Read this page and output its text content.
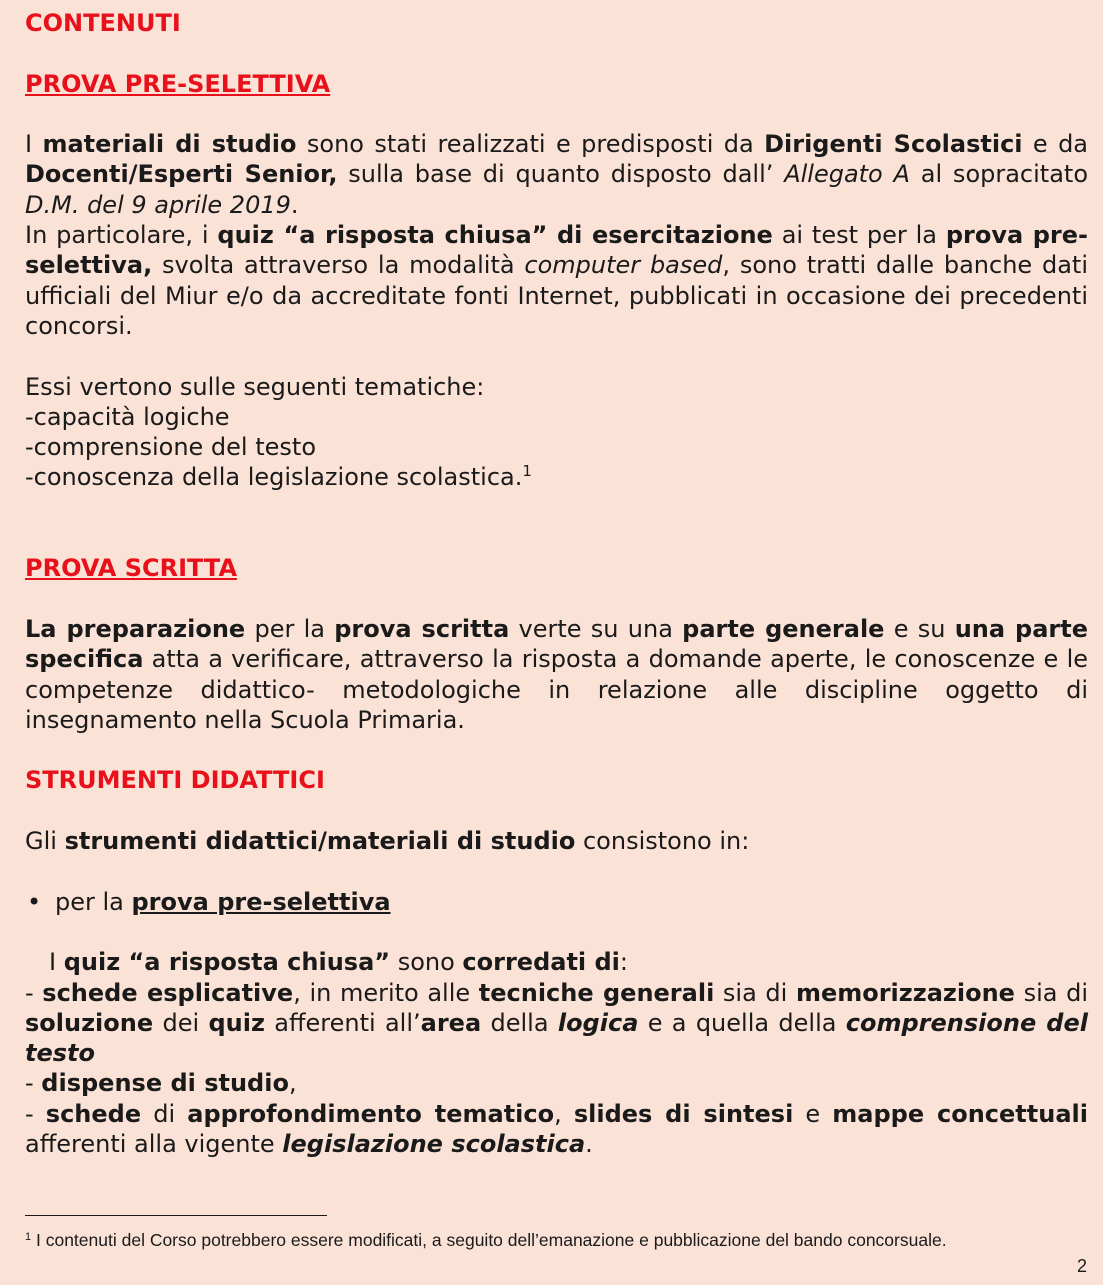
CONTENUTI

PROVA PRE-SELETTIVA

I materiali di studio sono stati realizzati e predisposti da Dirigenti Scolastici e da Docenti/Esperti Senior, sulla base di quanto disposto dall’ Allegato A al sopracitato D.M. del 9 aprile 2019.

In particolare, i quiz “a risposta chiusa” di esercitazione ai test per la prova pre-selettiva, svolta attraverso la modalità computer based, sono tratti dalle banche dati ufficiali del Miur e/o da accreditate fonti Internet, pubblicati in occasione dei precedenti concorsi.

Essi vertono sulle seguenti tematiche:

-capacità logiche

-comprensione del testo

-conoscenza della legislazione scolastica.$^1$

PROVA SCRITTA

La preparazione per la prova scritta verte su una parte generale e su una parte specifica atta a verificare, attraverso la risposta a domande aperte, le conoscenze e le competenze didattico- metodologiche in relazione alle discipline oggetto di insegnamento nella Scuola Primaria.

STRUMENTI DIDATTICI

Gli strumenti didattici/materiali di studio consistono in:

• per la prova pre-selettiva

I quiz “a risposta chiusa” sono corredati di:

- schede esplicative, in merito alle tecniche generali sia di memorizzazione sia di soluzione dei quiz afferenti all’area della logica e a quella della comprensione del testo

- dispense di studio,

- schede di approfondimento tematico, slides di sintesi e mappe concettuali afferenti alla vigente legislazione scolastica.

$^1$ I contenuti del Corso potrebbero essere modificati, a seguito dell’emanazione e pubblicazione del bando concorsuale.

2
